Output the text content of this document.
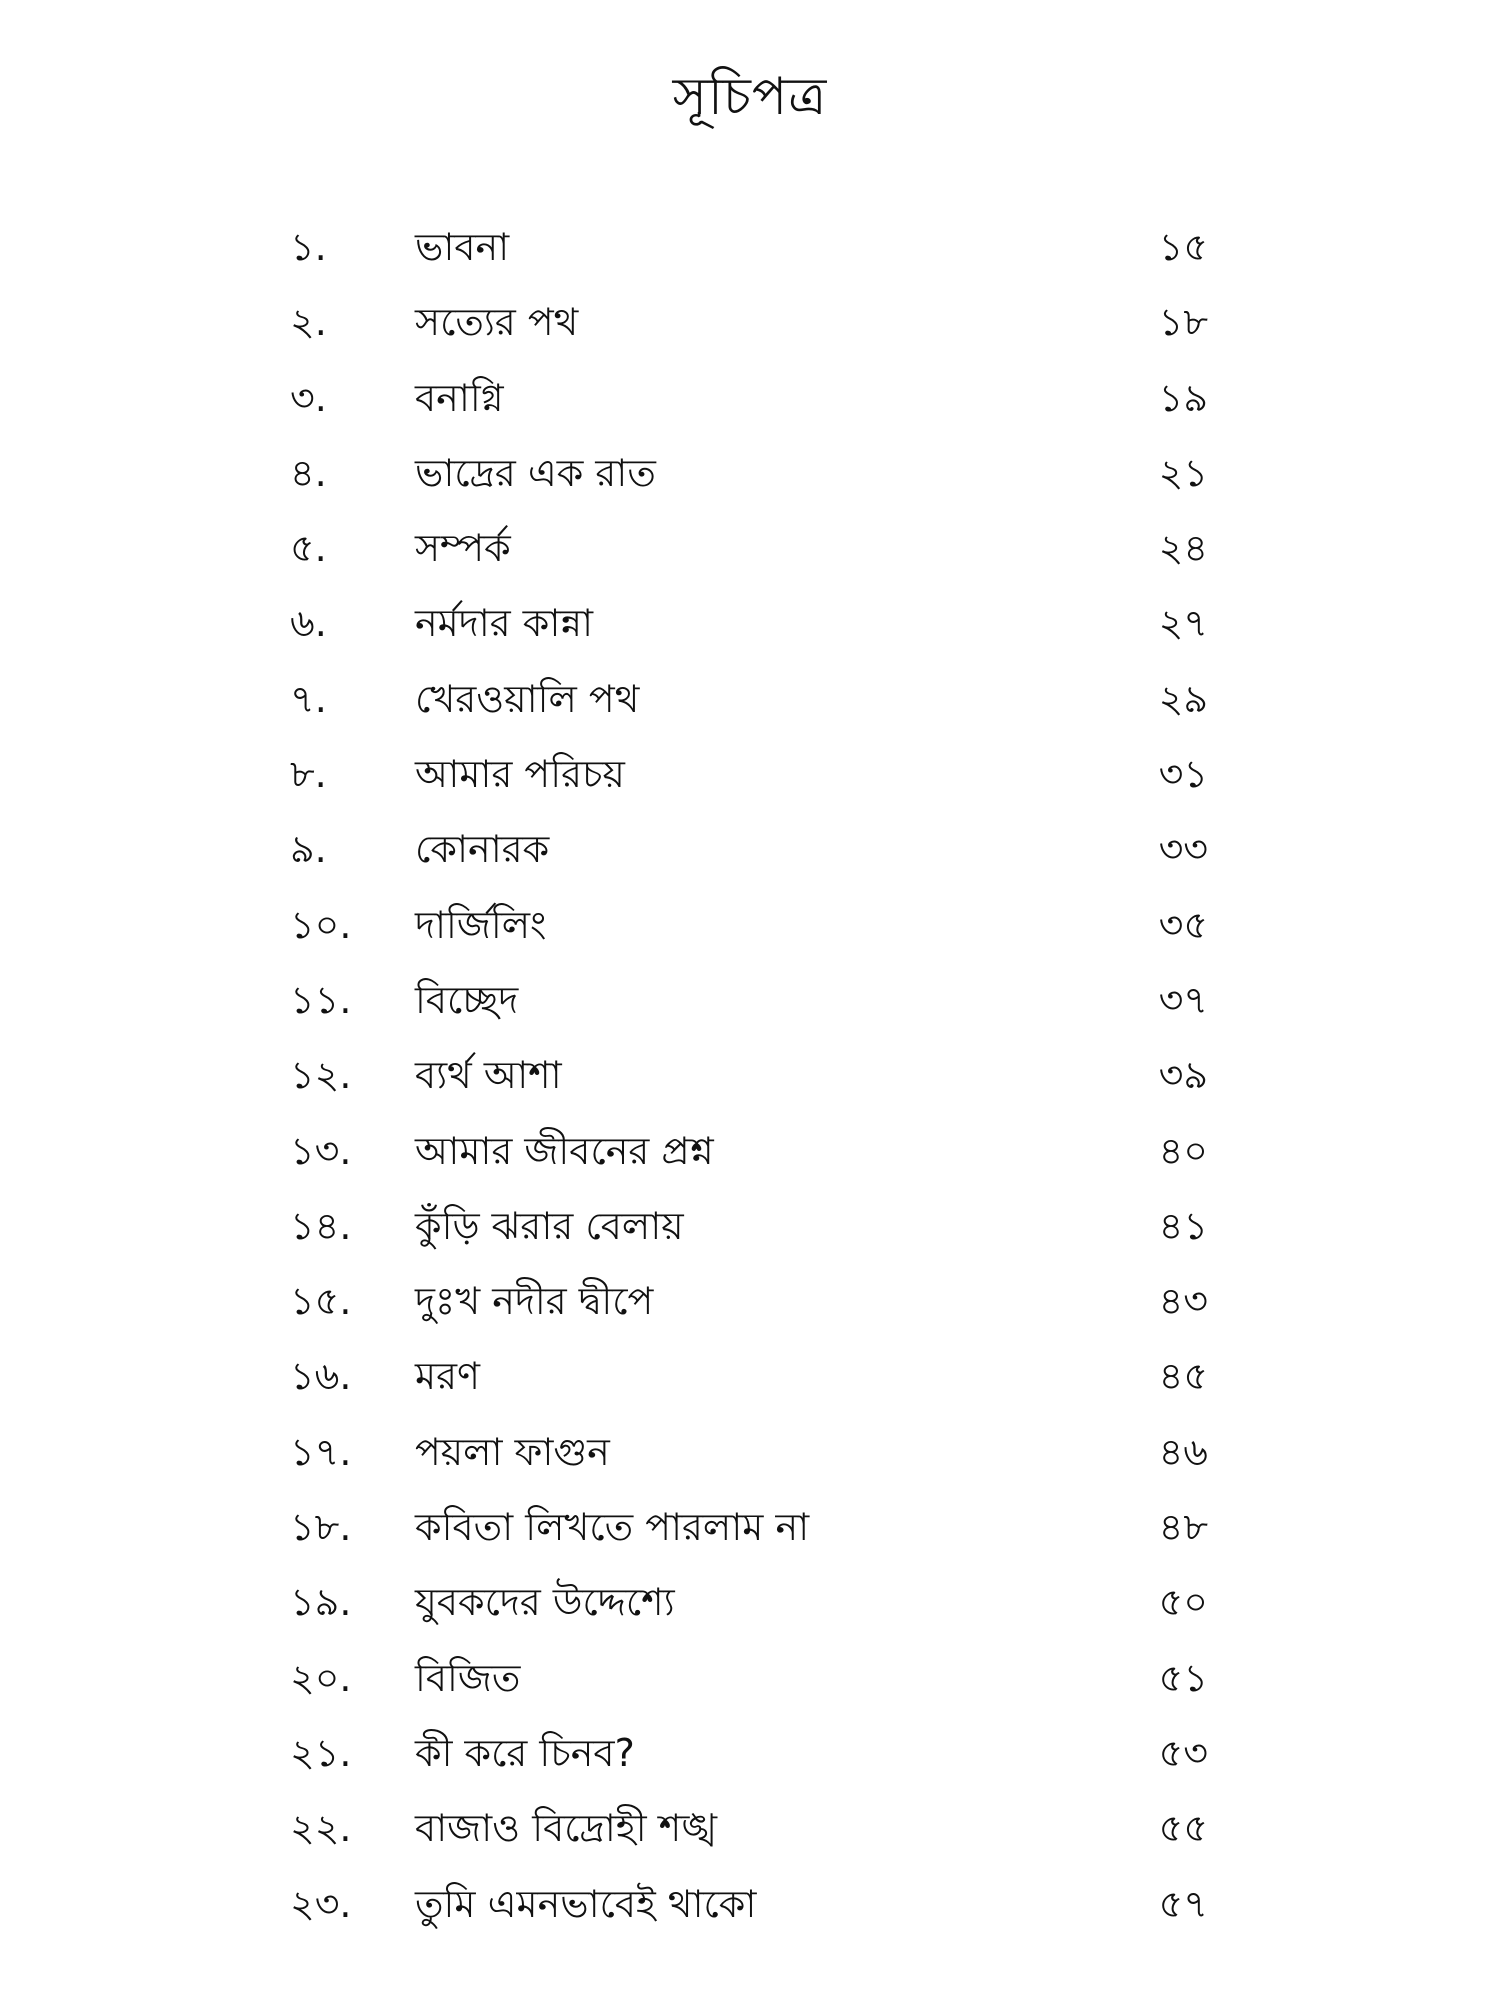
সূচিপত্র
১. ভাবনা	১৫
২. সত্যের পথ	১৮
৩. বনাগ্নি	১৯
৪. ভাদ্রের এক রাত	২১
৫. সম্পর্ক	২৪
৬. নর্মদার কান্না	২৭
৭. খেরওয়ালি পথ	২৯
৮. আমার পরিচয়	৩১
৯. কোনারক	৩৩
১০. দার্জিলিং	৩৫
১১. বিচ্ছেদ	৩৭
১২. ব্যর্থ আশা	৩৯
১৩. আমার জীবনের প্রশ্ন	৪০
১৪. কুঁড়ি ঝরার বেলায়	৪১
১৫. দুঃখ নদীর দ্বীপে	৪৩
১৬. মরণ	৪৫
১৭. পয়লা ফাগুন	৪৬
১৮. কবিতা লিখতে পারলাম না	৪৮
১৯. যুবকদের উদ্দেশ্যে	৫০
২০. বিজিত	৫১
২১. কী করে চিনব?	৫৩
২২. বাজাও বিদ্রোহী শঙ্খ	৫৫
২৩. তুমি এমনভাবেই থাকো	৫৭
